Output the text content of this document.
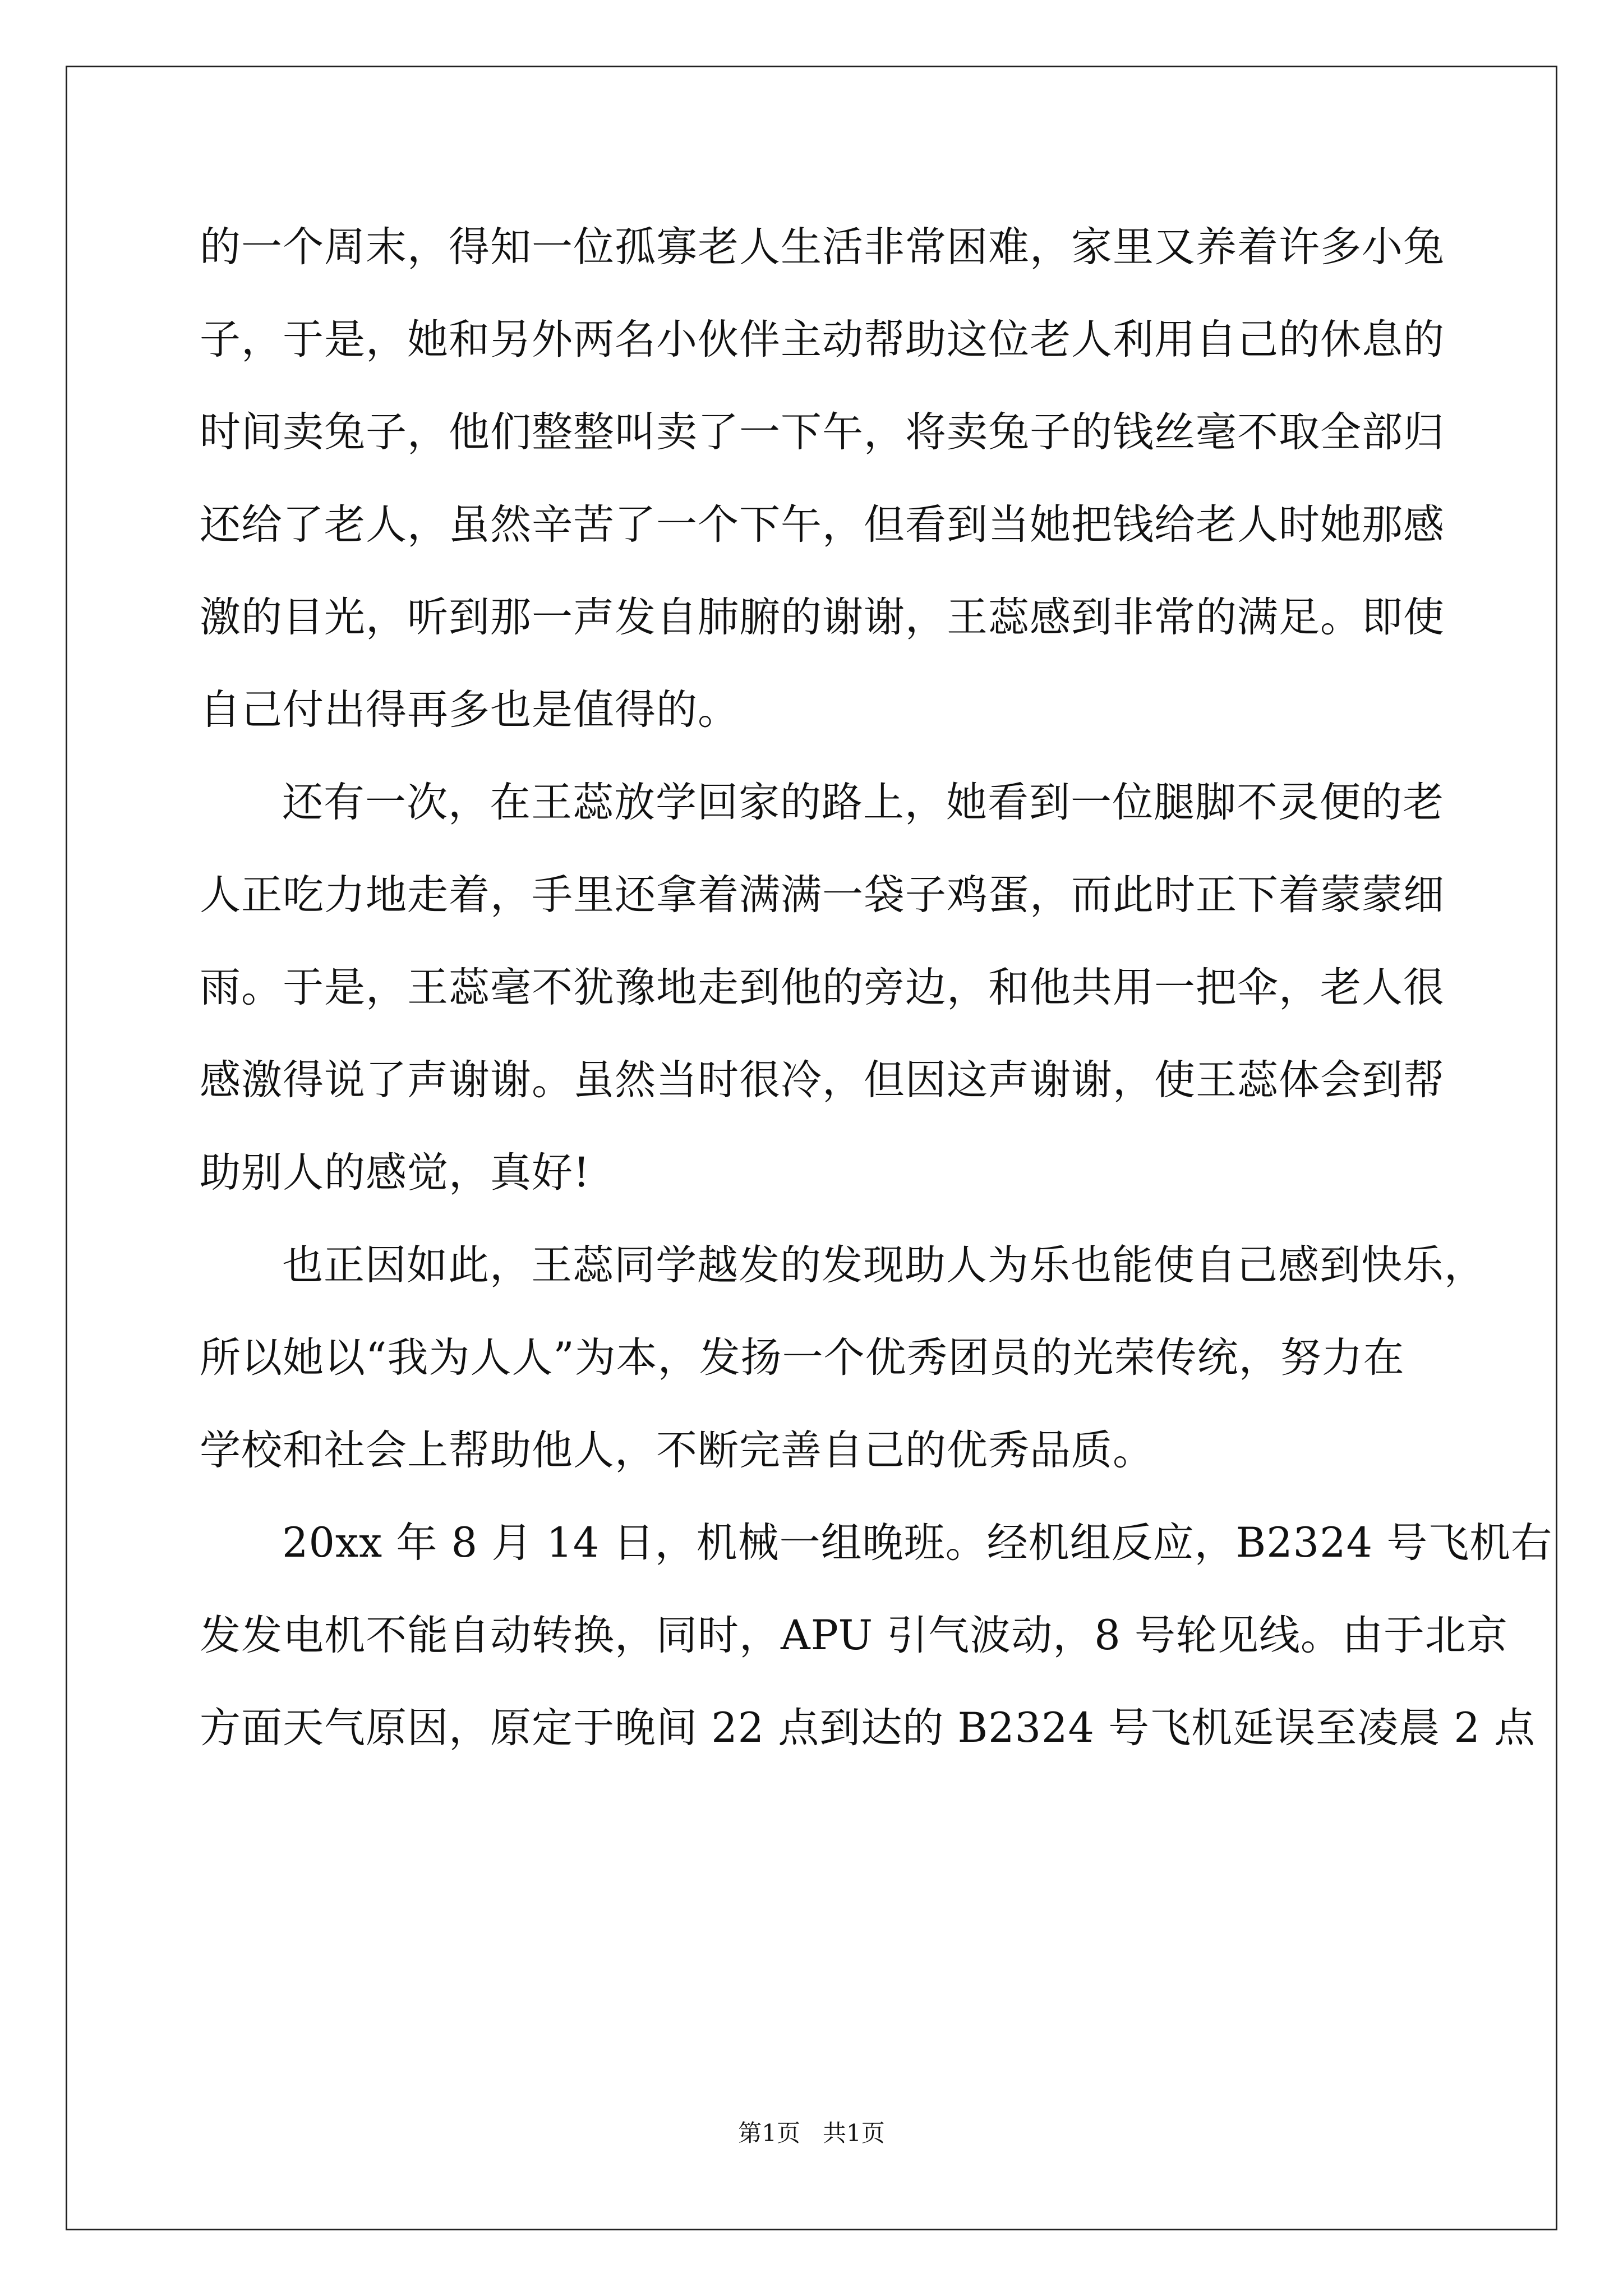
的一个周末，得知一位孤寡老人生活非常困难，家里又养着许多小兔

子，于是，她和另外两名小伙伴主动帮助这位老人利用自己的休息的

时间卖兔子，他们整整叫卖了一下午，将卖兔子的钱丝毫不取全部归

还给了老人，虽然辛苦了一个下午，但看到当她把钱给老人时她那感

激的目光，听到那一声发自肺腑的谢谢，王蕊感到非常的满足。即使

自己付出得再多也是值得的。

还有一次，在王蕊放学回家的路上，她看到一位腿脚不灵便的老

人正吃力地走着，手里还拿着满满一袋子鸡蛋，而此时正下着蒙蒙细

雨。于是，王蕊毫不犹豫地走到他的旁边，和他共用一把伞，老人很

感激得说了声谢谢。虽然当时很冷，但因这声谢谢，使王蕊体会到帮

助别人的感觉，真好!

也正因如此，王蕊同学越发的发现助人为乐也能使自己感到快乐，

所以她以“我为人人”为本，发扬一个优秀团员的光荣传统，努力在

学校和社会上帮助他人，不断完善自己的优秀品质。

20xx 年 8 月 14 日，机械一组晚班。经机组反应，B2324 号飞机右

发发电机不能自动转换，同时，APU 引气波动，8 号轮见线。由于北京

方面天气原因，原定于晚间 22 点到达的 B2324 号飞机延误至凌晨 2 点

第1页   共1页
